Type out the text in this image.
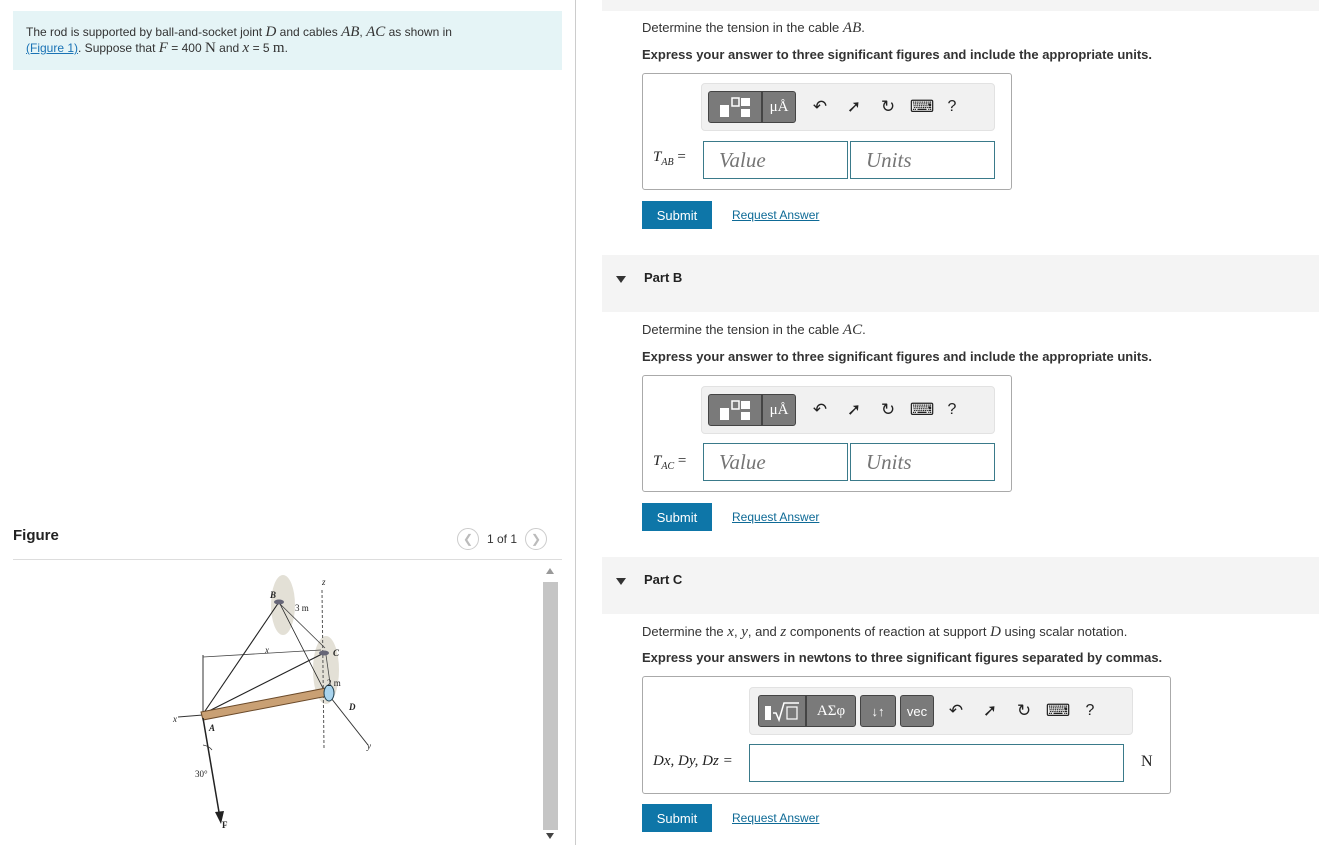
The rod is supported by ball-and-socket joint D and cables AB, AC as shown in
(Figure 1). Suppose that F = 400 N and x = 5 m.
Figure	❮	1 of 1	❯
B
z
3 m
x	C
2 m
D
x
A
y
30°
F
Determine the tension in the cable AB.
Express your answer to three significant figures and include the appropriate units.
μÅ	↶	➚	↻ ⌨ ?
$T_{AB}$ =
Value
Units
Submit	Request Answer
Part B
Determine the tension in the cable AC.
Express your answer to three significant figures and include the appropriate units.
μÅ	↶	➚	↻ ⌨ ?
$T_{AC}$ =
Value
Units
Submit	Request Answer
Part C
Determine the x, y, and z components of reaction at support D using scalar notation.
Express your answers in newtons to three significant figures separated by commas.
ΑΣφ	↓↑	vec	↶	➚	↻ ⌨ ?
Dx, Dy, Dz =	N
Submit	Request Answer
